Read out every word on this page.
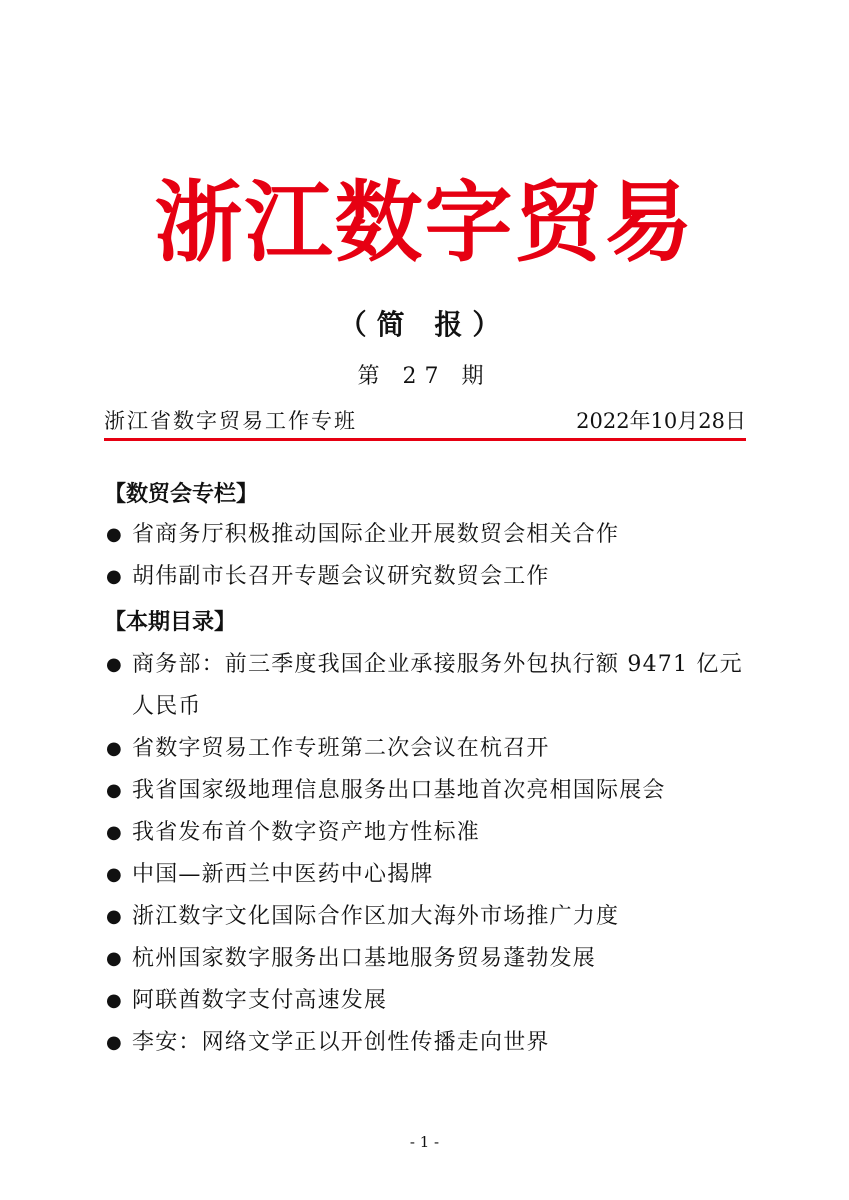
浙江数字贸易
（简 报）
第 27 期
浙江省数字贸易工作专班	2022年10月28日
【数贸会专栏】
● 省商务厅积极推动国际企业开展数贸会相关合作
● 胡伟副市长召开专题会议研究数贸会工作
【本期目录】
● 商务部：前三季度我国企业承接服务外包执行额 9471 亿元人民币
● 省数字贸易工作专班第二次会议在杭召开
● 我省国家级地理信息服务出口基地首次亮相国际展会
● 我省发布首个数字资产地方性标准
● 中国—新西兰中医药中心揭牌
● 浙江数字文化国际合作区加大海外市场推广力度
● 杭州国家数字服务出口基地服务贸易蓬勃发展
● 阿联酋数字支付高速发展
● 李安：网络文学正以开创性传播走向世界
- 1 -
